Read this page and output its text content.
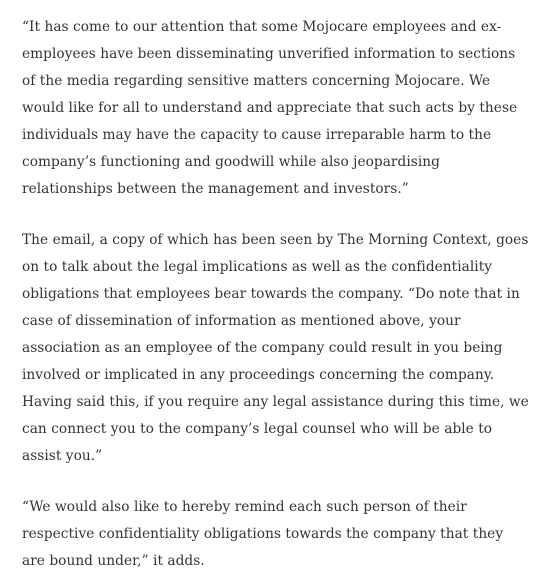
“It has come to our attention that some Mojocare employees and ex-
employees have been disseminating unverified information to sections
of the media regarding sensitive matters concerning Mojocare. We
would like for all to understand and appreciate that such acts by these
individuals may have the capacity to cause irreparable harm to the
company’s functioning and goodwill while also jeopardising
relationships between the management and investors.”

The email, a copy of which has been seen by The Morning Context, goes
on to talk about the legal implications as well as the confidentiality
obligations that employees bear towards the company. “Do note that in
case of dissemination of information as mentioned above, your
association as an employee of the company could result in you being
involved or implicated in any proceedings concerning the company.
Having said this, if you require any legal assistance during this time, we
can connect you to the company’s legal counsel who will be able to
assist you.”

“We would also like to hereby remind each such person of their
respective confidentiality obligations towards the company that they
are bound under,” it adds.
